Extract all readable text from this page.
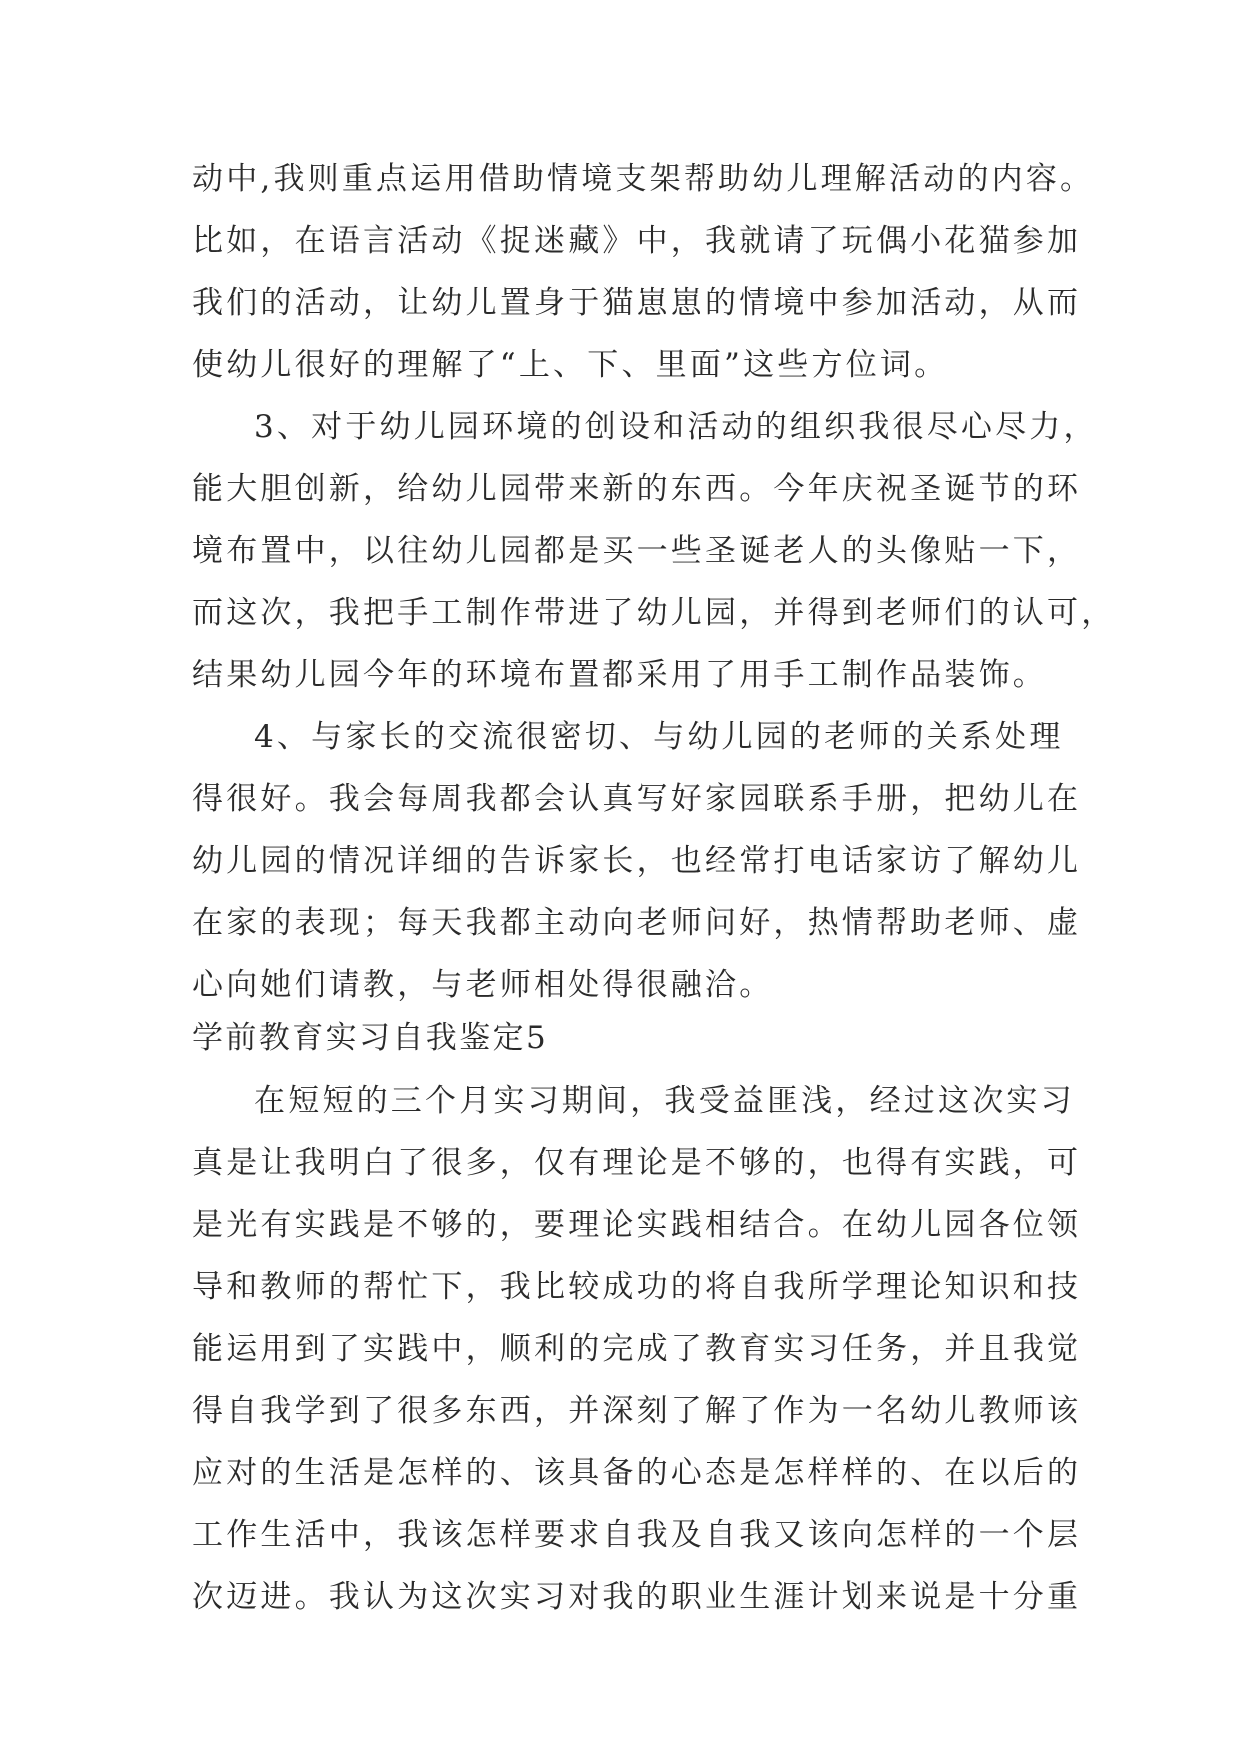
动中,我则重点运用借助情境支架帮助幼儿理解活动的内容。
比如，在语言活动《捉迷藏》中，我就请了玩偶小花猫参加
我们的活动，让幼儿置身于猫崽崽的情境中参加活动，从而
使幼儿很好的理解了“上、下、里面”这些方位词。
3、对于幼儿园环境的创设和活动的组织我很尽心尽力，
能大胆创新，给幼儿园带来新的东西。今年庆祝圣诞节的环
境布置中，以往幼儿园都是买一些圣诞老人的头像贴一下，
而这次，我把手工制作带进了幼儿园，并得到老师们的认可，
结果幼儿园今年的环境布置都采用了用手工制作品装饰。
4、与家长的交流很密切、与幼儿园的老师的关系处理
得很好。我会每周我都会认真写好家园联系手册，把幼儿在
幼儿园的情况详细的告诉家长，也经常打电话家访了解幼儿
在家的表现；每天我都主动向老师问好，热情帮助老师、虚
心向她们请教，与老师相处得很融洽。
学前教育实习自我鉴定5
在短短的三个月实习期间，我受益匪浅，经过这次实习
真是让我明白了很多，仅有理论是不够的，也得有实践，可
是光有实践是不够的，要理论实践相结合。在幼儿园各位领
导和教师的帮忙下，我比较成功的将自我所学理论知识和技
能运用到了实践中，顺利的完成了教育实习任务，并且我觉
得自我学到了很多东西，并深刻了解了作为一名幼儿教师该
应对的生活是怎样的、该具备的心态是怎样样的、在以后的
工作生活中，我该怎样要求自我及自我又该向怎样的一个层
次迈进。我认为这次实习对我的职业生涯计划来说是十分重
